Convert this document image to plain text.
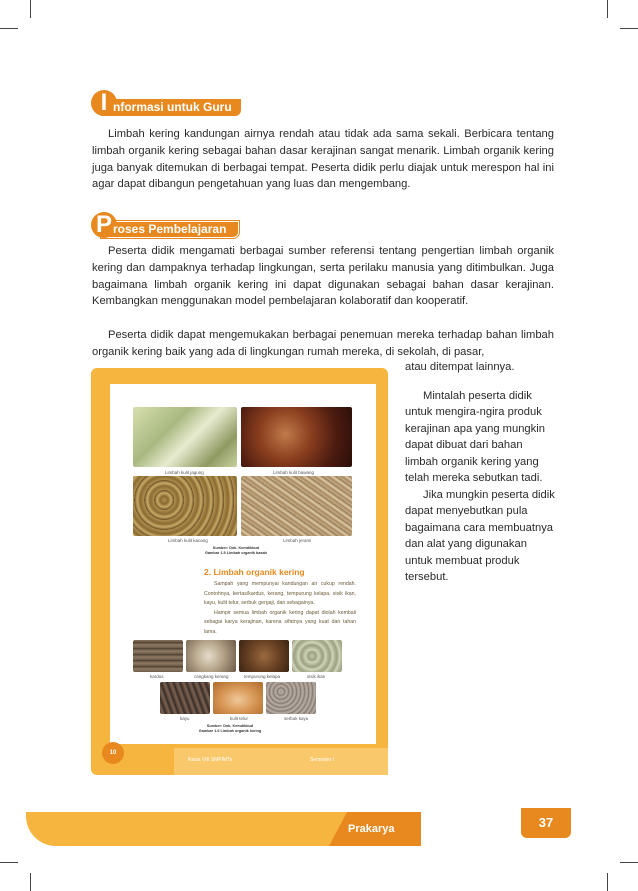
I nformasi untuk Guru

Limbah kering kandungan airnya rendah atau tidak ada sama sekali. Berbicara tentang limbah organik kering sebagai bahan dasar kerajinan sangat menarik. Limbah organik kering juga banyak ditemukan di berbagai tempat. Peserta didik perlu diajak untuk merespon hal ini agar dapat dibangun pengetahuan yang luas dan mengembang.

P roses Pembelajaran

Peserta didik mengamati berbagai sumber referensi tentang pengertian limbah organik kering dan dampaknya terhadap lingkungan, serta perilaku manusia yang ditimbulkan. Juga bagaimana limbah organik kering ini dapat digunakan sebagai bahan dasar kerajinan. Kembangkan menggunakan model pembelajaran kolaboratif dan kooperatif.

Peserta didik dapat mengemukakan berbagai penemuan mereka terhadap bahan limbah organik kering baik yang ada di lingkungan rumah mereka, di sekolah, di pasar,

atau ditempat lainnya.
Mintalah peserta didik untuk mengira-ngira produk kerajinan apa yang mungkin dapat dibuat dari bahan limbah organik kering yang telah mereka sebutkan tadi.
Jika mungkin peserta didik dapat menyebutkan pula bagaimana cara membuatnya dan alat yang digunakan untuk membuat produk tersebut.
Limbah kulit jagung	Limbah kulit bawang
Limbah kulit kacang	Limbah jerami
Sumber: Dok. Kemdikbud
Gambar 1.5 Limbah organik basah
2. Limbah organik kering
Sampah yang mempunyai kandungan air cukup rendah. Contohnya, kertas/kardus, kerang, tempurung kelapa, sisik ikan, kayu, kulit telur, serbuk gergaji, dan sebagainya.
Hampir semua limbah organik kering dapat diolah kembali sebagai karya kerajinan, karena sifatnya yang kuat dan tahan lama.
kardus	cangkang kerang	tempurung kelapa	sisik ikan
kayu	kulit telur	serbuk kayu
Sumber: Dok. Kemdikbud
Gambar 1.6 Limbah organik kering
10
Kelas VIII SMP/MTs	Semester I
Prakarya	37
